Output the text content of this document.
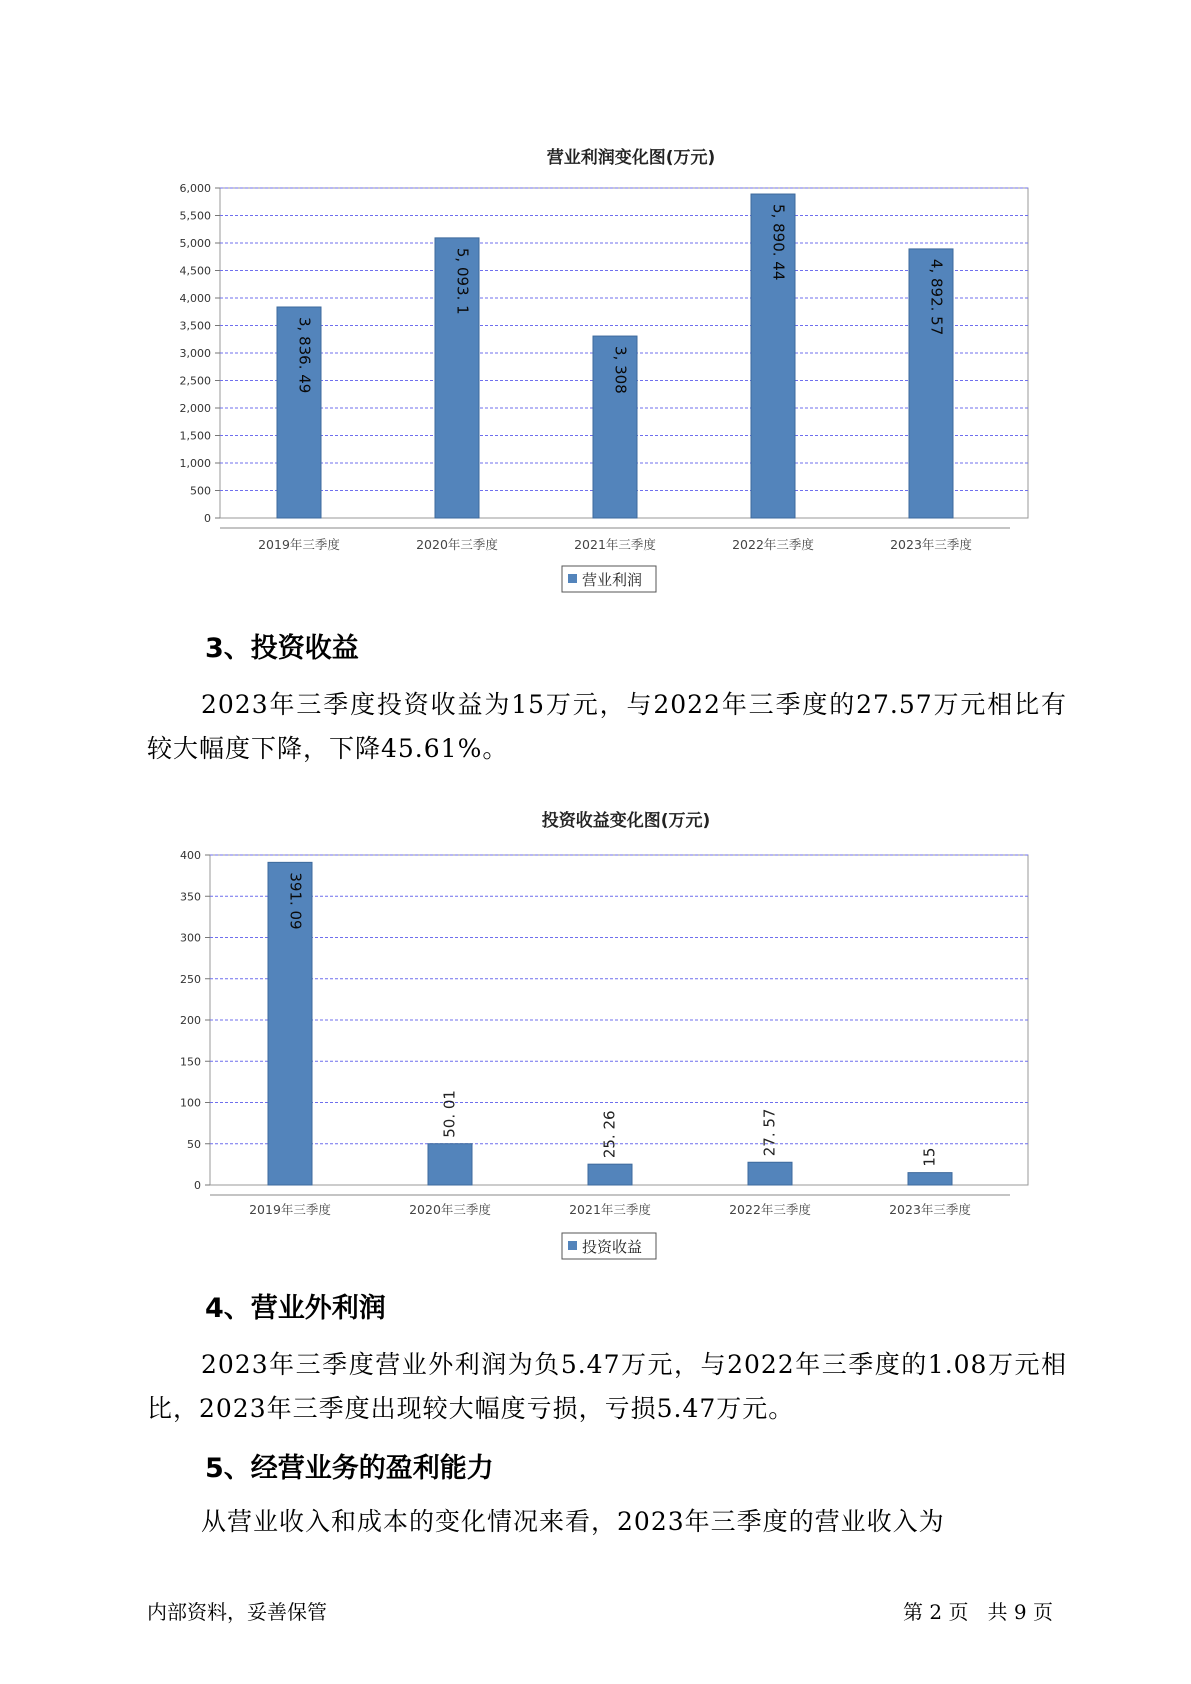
营业利润变化图(万元)
0
500
1,000
1,500
2,000
2,500
3,000
3,500
4,000
4,500
5,000
5,500
6,000
3, 836. 49
2019年三季度
5, 093. 1
2020年三季度
3, 308
2021年三季度
5, 890. 44
2022年三季度
4, 892. 57
2023年三季度
营业利润
投资收益变化图(万元)
0
50
100
150
200
250
300
350
400
391. 09
2019年三季度
50. 01
2020年三季度
25. 26
2021年三季度
27. 57
2022年三季度
15
2023年三季度
投资收益
3、投资收益

2023年三季度投资收益为15万元，与2022年三季度的27.57万元相比有较大幅度下降，下降45.61%。

4、营业外利润

2023年三季度营业外利润为负5.47万元，与2022年三季度的1.08万元相比，2023年三季度出现较大幅度亏损，亏损5.47万元。

5、经营业务的盈利能力

从营业收入和成本的变化情况来看，2023年三季度的营业收入为

内部资料，妥善保管	第 2 页   共 9 页
